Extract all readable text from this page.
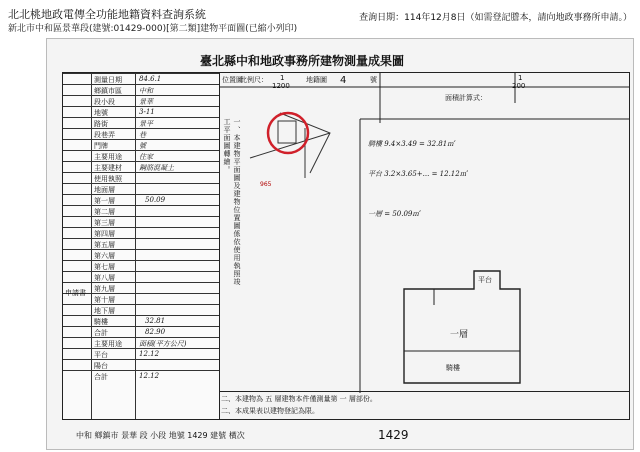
北北桃地政電傳全功能地籍資料查詢系統
新北市中和區景華段(建號:01429-000)[第二類]建物平面圖(已縮小列印)
查詢日期：114年12月8日（如需登記謄本，請向地政事務所申請。）
臺北縣中和地政事務所建物測量成果圖
測量日期 84.6.1
鄉鎮市區 中和
段小段	景華
地號	3-11
路街	景平
段巷弄	巷
門牌	號
主要用途 住家
主要建材 鋼筋混凝土
使用執照
地面層
第一層	50.09
第二層
第三層
第四層
第五層
第六層
第七層
第八層
第九層
第十層
地下層
騎樓	32.81
合計	82.90
主要用途 面積(平方公尺)
平台	12.12
陽台
合計	12.12
申請書
位置圖
比例尺： 1
1200
地籍圖 4	號	1
200
面積計算式：
騎樓 9.4×3.49 = 32.81㎡
平台 3.2×3.65+... = 12.12㎡
一層 = 50.09㎡
一層
騎樓
平台
965
二、本建物為 五 層建物本件僅測量第 一 層部份。
二、本成果表以建物登記為限。
一、本建物平面圖及建物位置圖係依使用執照竣工平面圖轉繪。
中和 鄉鎮市 景華 段 小段 地號 1429 建號 橫次	1429
